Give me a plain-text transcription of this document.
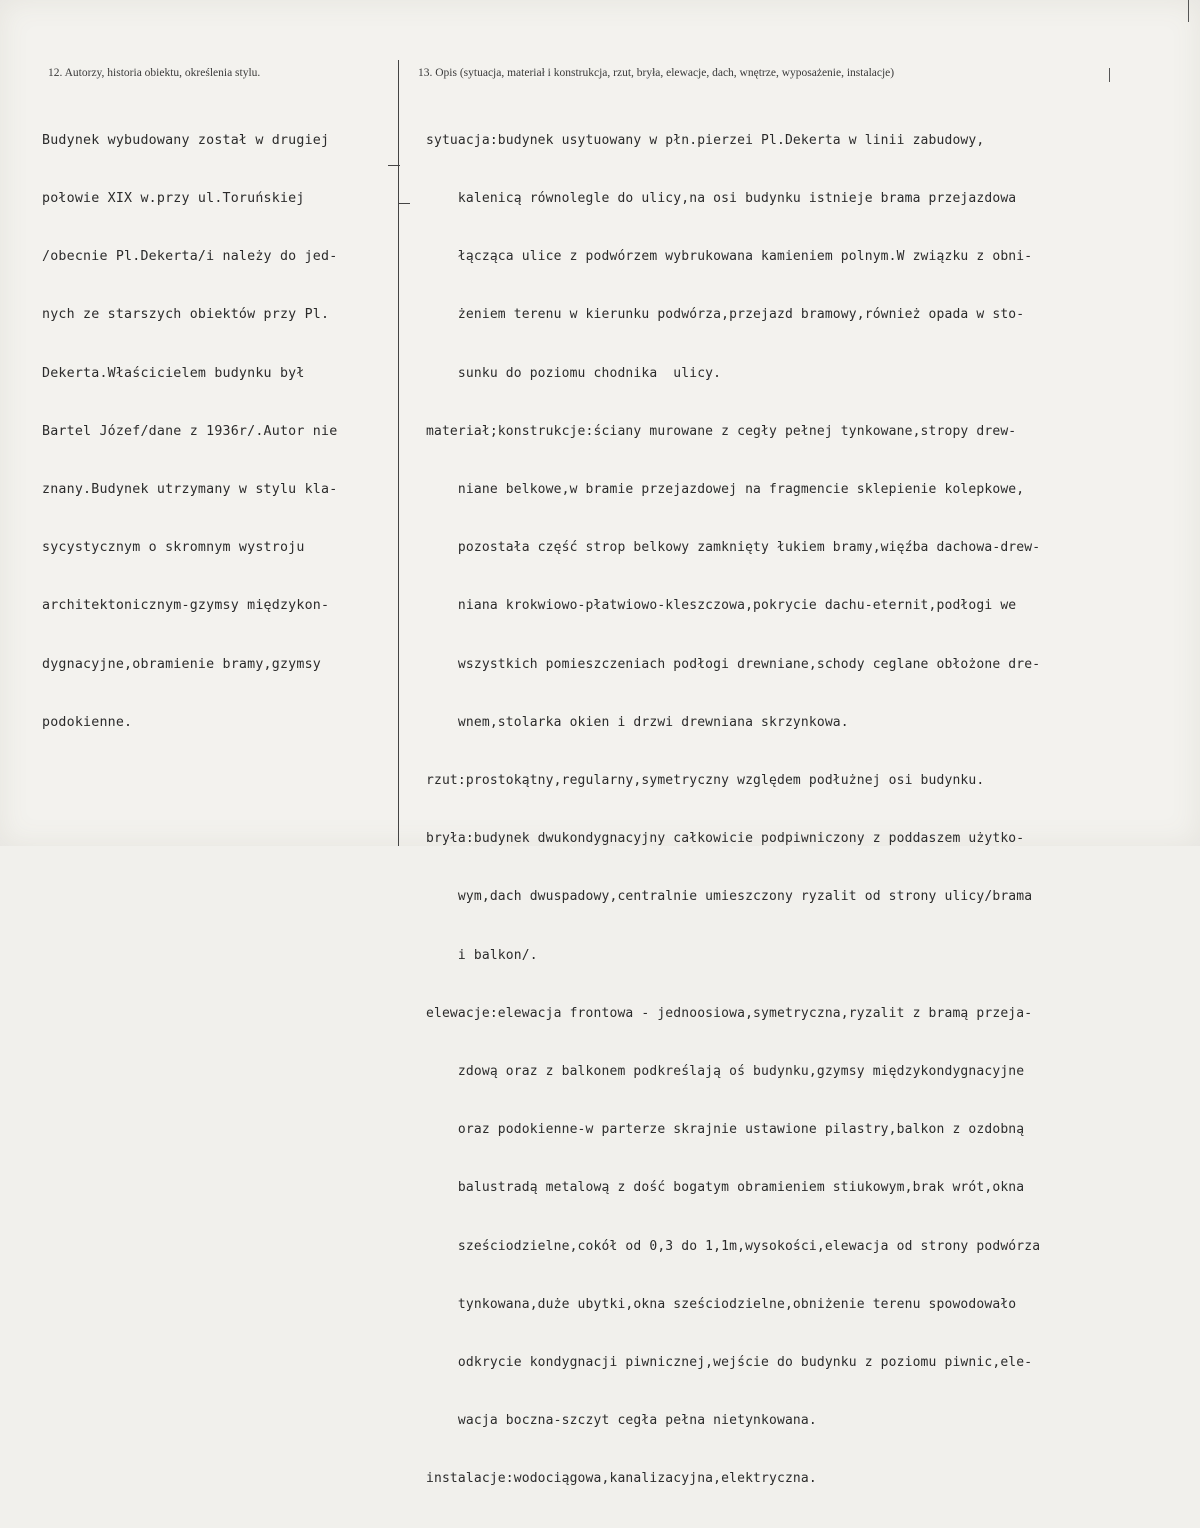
12. Autorzy, historia obiektu, określenia stylu.	13. Opis (sytuacja, materiał i konstrukcja, rzut, bryła, elewacje, dach, wnętrze, wyposażenie, instalacje)

Budynek wybudowany został w drugiej

połowie XIX w.przy ul.Toruńskiej

/obecnie Pl.Dekerta/i należy do jed-

nych ze starszych obiektów przy Pl.

Dekerta.Właścicielem budynku był

Bartel Józef/dane z 1936r/.Autor nie

znany.Budynek utrzymany w stylu kla-

sycystycznym o skromnym wystroju

architektonicznym-gzymsy międzykon-

dygnacyjne,obramienie bramy,gzymsy

podokienne.

sytuacja:budynek usytuowany w płn.pierzei Pl.Dekerta w linii zabudowy,

kalenicą równolegle do ulicy,na osi budynku istnieje brama przejazdowa

łącząca ulice z podwórzem wybrukowana kamieniem polnym.W związku z obni-

żeniem terenu w kierunku podwórza,przejazd bramowy,również opada w sto-

sunku do poziomu chodnika  ulicy.

materiał;konstrukcje:ściany murowane z cegły pełnej tynkowane,stropy drew-

niane belkowe,w bramie przejazdowej na fragmencie sklepienie kolepkowe,

pozostała część strop belkowy zamknięty łukiem bramy,więźba dachowa-drew-

niana krokwiowo-płatwiowo-kleszczowa,pokrycie dachu-eternit,podłogi we

wszystkich pomieszczeniach podłogi drewniane,schody ceglane obłożone dre-

wnem,stolarka okien i drzwi drewniana skrzynkowa.

rzut:prostokątny,regularny,symetryczny względem podłużnej osi budynku.

bryła:budynek dwukondygnacyjny całkowicie podpiwniczony z poddaszem użytko-

wym,dach dwuspadowy,centralnie umieszczony ryzalit od strony ulicy/brama

i balkon/.

elewacje:elewacja frontowa - jednoosiowa,symetryczna,ryzalit z bramą przeja-

zdową oraz z balkonem podkreślają oś budynku,gzymsy międzykondygnacyjne

oraz podokienne-w parterze skrajnie ustawione pilastry,balkon z ozdobną

balustradą metalową z dość bogatym obramieniem stiukowym,brak wrót,okna

sześciodzielne,cokół od 0,3 do 1,1m,wysokości,elewacja od strony podwórza

tynkowana,duże ubytki,okna sześciodzielne,obniżenie terenu spowodowało

odkrycie kondygnacji piwnicznej,wejście do budynku z poziomu piwnic,ele-

wacja boczna-szczyt cegła pełna nietynkowana.

instalacje:wodociągowa,kanalizacyjna,elektryczna.
